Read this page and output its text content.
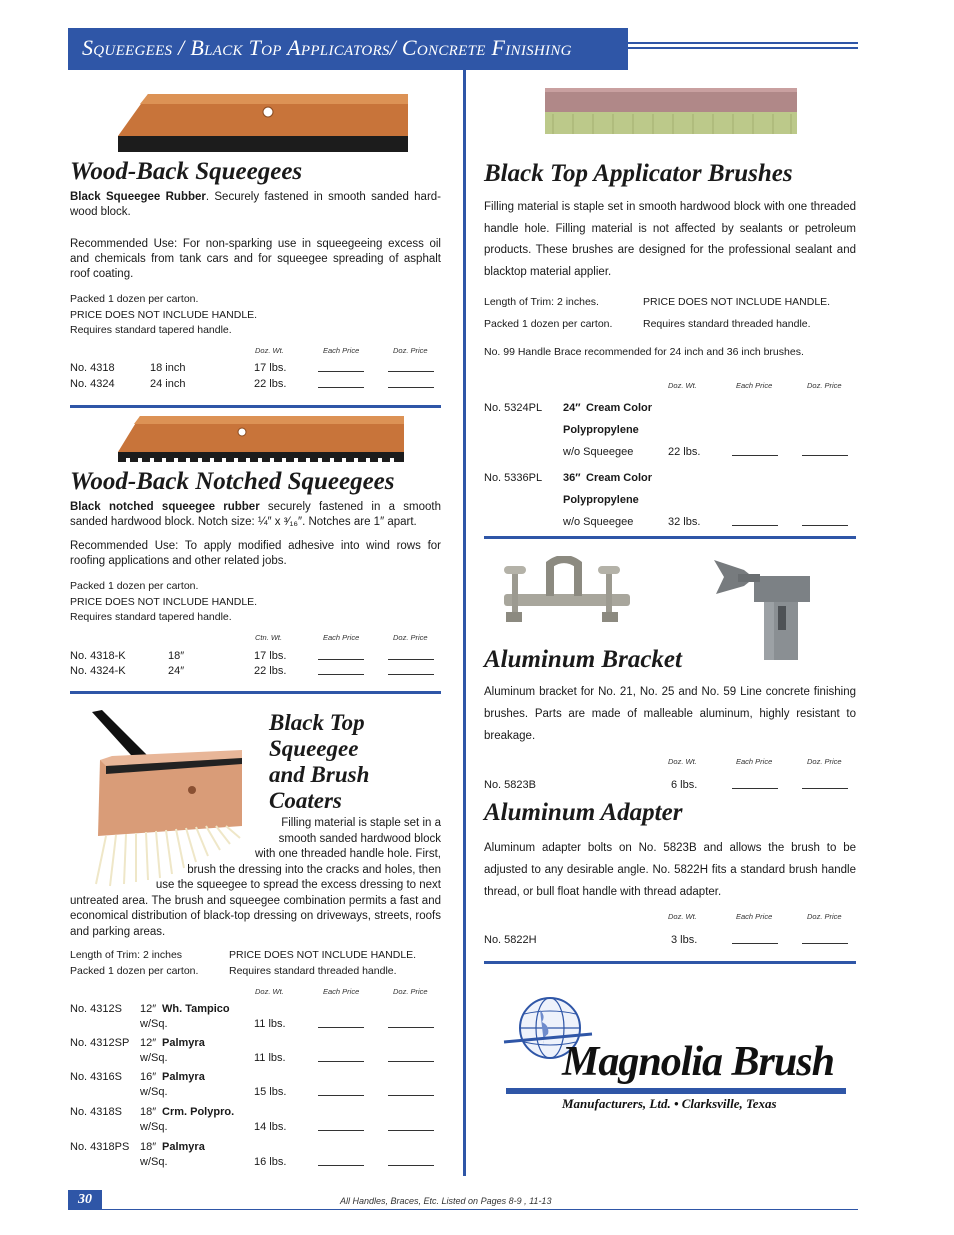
Squeegees / Black Top Applicators/ Concrete Finishing
Wood-Back Squeegees
Black Squeegee Rubber. Securely fastened in smooth sanded hard-wood block.
Recommended Use: For non-sparking use in squeegeeing excess oil and chemicals from tank cars and for squeegee spreading of asphalt roof coating.
Packed 1 dozen per carton.
PRICE DOES NOT INCLUDE HANDLE.
Requires standard tapered handle.
Doz. Wt.	Each Price	Doz. Price
No. 4318	18 inch	17 lbs.
No. 4324	24 inch	22 lbs.
Wood-Back Notched Squeegees
Black notched squeegee rubber securely fastened in a smooth sanded hardwood block. Notch size: ¼″ x ³⁄₁₆″. Notches are 1″ apart.
Recommended Use: To apply modified adhesive into wind rows for roofing applications and other related jobs.
Packed 1 dozen per carton.
PRICE DOES NOT INCLUDE HANDLE.
Requires standard tapered handle.
Ctn. Wt.	Each Price	Doz. Price
No. 4318-K	18″	17 lbs.
No. 4324-K	24″	22 lbs.
Black Top
Squeegee
and Brush
Coaters
Filling material is staple set in a
smooth sanded hardwood block
with one threaded handle hole. First,
brush the dressing into the cracks and holes, then
use the squeegee to spread the excess dressing to next
untreated area. The brush and squeegee combination permits a fast and economical distribution of black-top dressing on driveways, streets, roofs and parking areas.
Length of Trim: 2 inches
Packed 1 dozen per carton.
PRICE DOES NOT INCLUDE HANDLE.
Requires standard threaded handle.
Doz. Wt.	Each Price	Doz. Price
No. 4312S 12″ Wh. Tampico
w/Sq.	11 lbs.
No. 4312SP 12″ Palmyra
w/Sq.	11 lbs.
No. 4316S 16″ Palmyra
w/Sq.	15 lbs.
No. 4318S 18″ Crm. Polypro.
w/Sq.	14 lbs.
No. 4318PS 18″ Palmyra
w/Sq.	16 lbs.
Black Top Applicator Brushes
Filling material is staple set in smooth hardwood block with one threaded handle hole. Filling material is not affected by sealants or petroleum products. These brushes are designed for the professional sealant and blacktop material applier.
Length of Trim: 2 inches.
Packed 1 dozen per carton.
PRICE DOES NOT INCLUDE HANDLE.
Requires standard threaded handle.
No. 99 Handle Brace recommended for 24 inch and 36 inch brushes.
Doz. Wt.	Each Price	Doz. Price
No. 5324PL 24″ Cream Color
Polypropylene
w/o Squeegee	22 lbs.
No. 5336PL 36″ Cream Color
Polypropylene
w/o Squeegee	32 lbs.
Aluminum Bracket
Aluminum bracket for No. 21, No. 25 and No. 59 Line concrete finishing brushes. Parts are made of malleable aluminum, highly resistant to breakage.
Doz. Wt.	Each Price	Doz. Price
No. 5823B	6 lbs.
Aluminum Adapter
Aluminum adapter bolts on No. 5823B and allows the brush to be adjusted to any desirable angle. No. 5822H fits a standard brush handle thread, or bull float handle with thread adapter.
Doz. Wt.	Each Price	Doz. Price
No. 5822H	3 lbs.
Magnolia Brush
Manufacturers, Ltd. • Clarksville, Texas
30	All Handles, Braces, Etc. Listed on Pages 8-9 , 11-13
